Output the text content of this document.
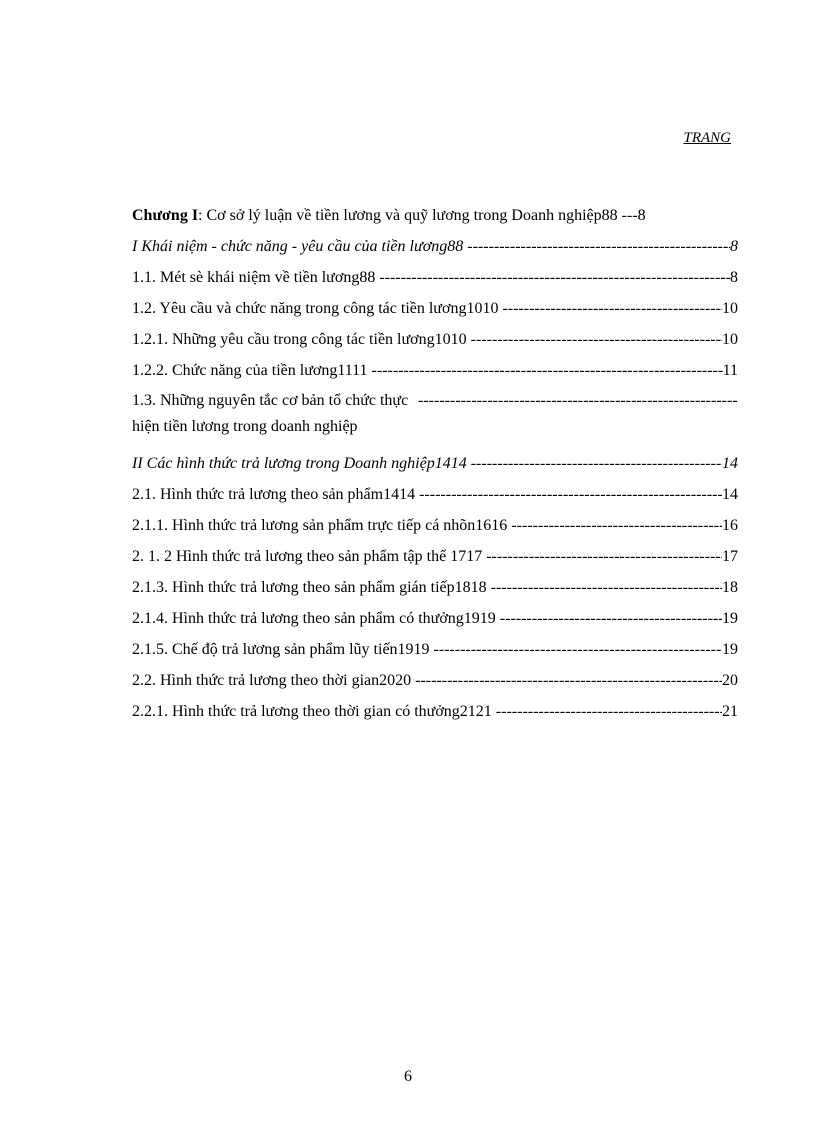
TRANG
Chương I: Cơ sở lý luận về tiền lương và quỹ lương trong Doanh nghiệp88 --- 8
I Khái niệm - chức năng - yêu cầu của tiền lương88 -----	8
1.1. Mét sè khái niệm về tiền lương88 -----	8
1.2. Yêu cầu và chức năng trong công tác tiền lương1010 -----	10
1.2.1. Những yêu cầu trong công tác tiền lương1010 -----	10
1.2.2. Chức năng của tiền lương1111 -----	11
1.3. Những nguyên tắc cơ bản tổ chức thực hiện tiền lương trong doanh nghiệp
-----
II Các hình thức trả lương trong Doanh nghiệp1414 -----	14
2.1. Hình thức trả lương theo sản phẩm1414 -----	14
2.1.1. Hình thức trả lương sản phẩm trực tiếp cá nhõn1616 -----	16
2. 1. 2 Hình thức trả lương theo sản phẩm tập thể 1717 -----	17
2.1.3. Hình thức trả lương theo sản phẩm gián tiếp1818 -----	18
2.1.4. Hình thức trả lương theo sản phẩm có thưởng1919 -----	19
2.1.5. Chế độ trả lương sản phẩm lũy tiến1919 -----	19
2.2. Hình thức trả lương theo thời gian2020 -----	20
2.2.1. Hình thức trả lương theo thời gian có thưởng2121 -----	21
6
